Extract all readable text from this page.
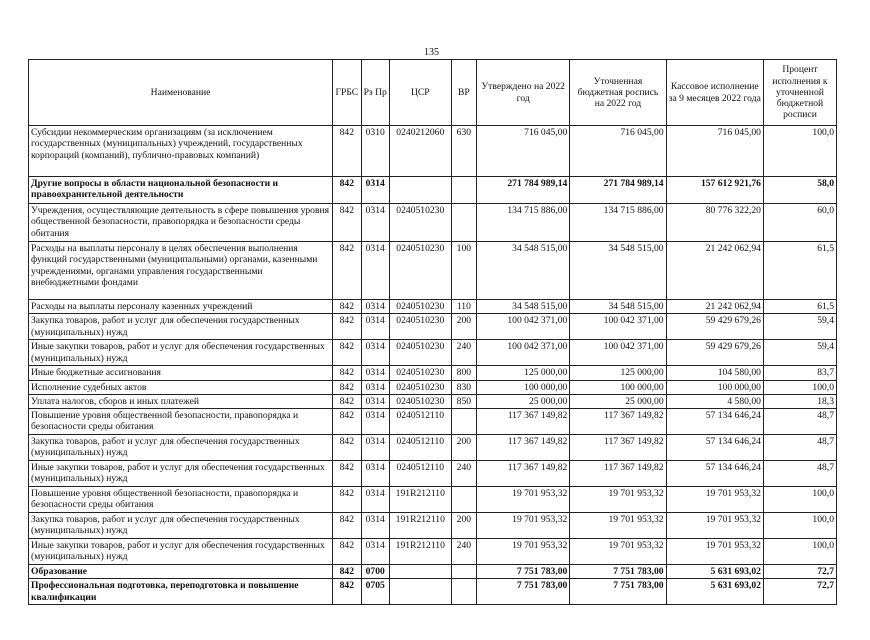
135
Наименование	ГРБС	Рз Пр	ЦСР	ВР	Утверждено на 2022 год	Уточненная бюджетная роспись на 2022 год	Кассовое исполнение за 9 месяцев 2022 года	Процент исполнения к уточненной бюджетной росписи
Субсидии некоммерческим организациям (за исключением государственных (муниципальных) учреждений, государственных корпораций (компаний), публично-правовых компаний)	842	0310	0240212060	630	716 045,00	716 045,00	716 045,00	100,0
Другие вопросы в области национальной безопасности и правоохранительной деятельности	842	0314			271 784 989,14	271 784 989,14	157 612 921,76	58,0
Учреждения, осуществляющие деятельность в сфере повышения уровня общественной безопасности, правопорядка и безопасности среды обитания	842	0314	0240510230		134 715 886,00	134 715 886,00	80 776 322,20	60,0
Расходы на выплаты персоналу в целях обеспечения выполнения функций государственными (муниципальными) органами, казенными учреждениями, органами управления государственными внебюджетными фондами	842	0314	0240510230	100	34 548 515,00	34 548 515,00	21 242 062,94	61,5
Расходы на выплаты персоналу казенных учреждений	842	0314	0240510230	110	34 548 515,00	34 548 515,00	21 242 062,94	61,5
Закупка товаров, работ и услуг для обеспечения государственных (муниципальных) нужд	842	0314	0240510230	200	100 042 371,00	100 042 371,00	59 429 679,26	59,4
Иные закупки товаров, работ и услуг для обеспечения государственных (муниципальных) нужд	842	0314	0240510230	240	100 042 371,00	100 042 371,00	59 429 679,26	59,4
Иные бюджетные ассигнования	842	0314	0240510230	800	125 000,00	125 000,00	104 580,00	83,7
Исполнение судебных актов	842	0314	0240510230	830	100 000,00	100 000,00	100 000,00	100,0
Уплата налогов, сборов и иных платежей	842	0314	0240510230	850	25 000,00	25 000,00	4 580,00	18,3
Повышение уровня общественной безопасности, правопорядка и безопасности среды обитания	842	0314	0240512110		117 367 149,82	117 367 149,82	57 134 646,24	48,7
Закупка товаров, работ и услуг для обеспечения государственных (муниципальных) нужд	842	0314	0240512110	200	117 367 149,82	117 367 149,82	57 134 646,24	48,7
Иные закупки товаров, работ и услуг для обеспечения государственных (муниципальных) нужд	842	0314	0240512110	240	117 367 149,82	117 367 149,82	57 134 646,24	48,7
Повышение уровня общественной безопасности, правопорядка и безопасности среды обитания	842	0314	191R212110		19 701 953,32	19 701 953,32	19 701 953,32	100,0
Закупка товаров, работ и услуг для обеспечения государственных (муниципальных) нужд	842	0314	191R212110	200	19 701 953,32	19 701 953,32	19 701 953,32	100,0
Иные закупки товаров, работ и услуг для обеспечения государственных (муниципальных) нужд	842	0314	191R212110	240	19 701 953,32	19 701 953,32	19 701 953,32	100,0
Образование	842	0700			7 751 783,00	7 751 783,00	5 631 693,02	72,7
Профессиональная подготовка, переподготовка и повышение квалификации	842	0705			7 751 783,00	7 751 783,00	5 631 693,02	72,7
